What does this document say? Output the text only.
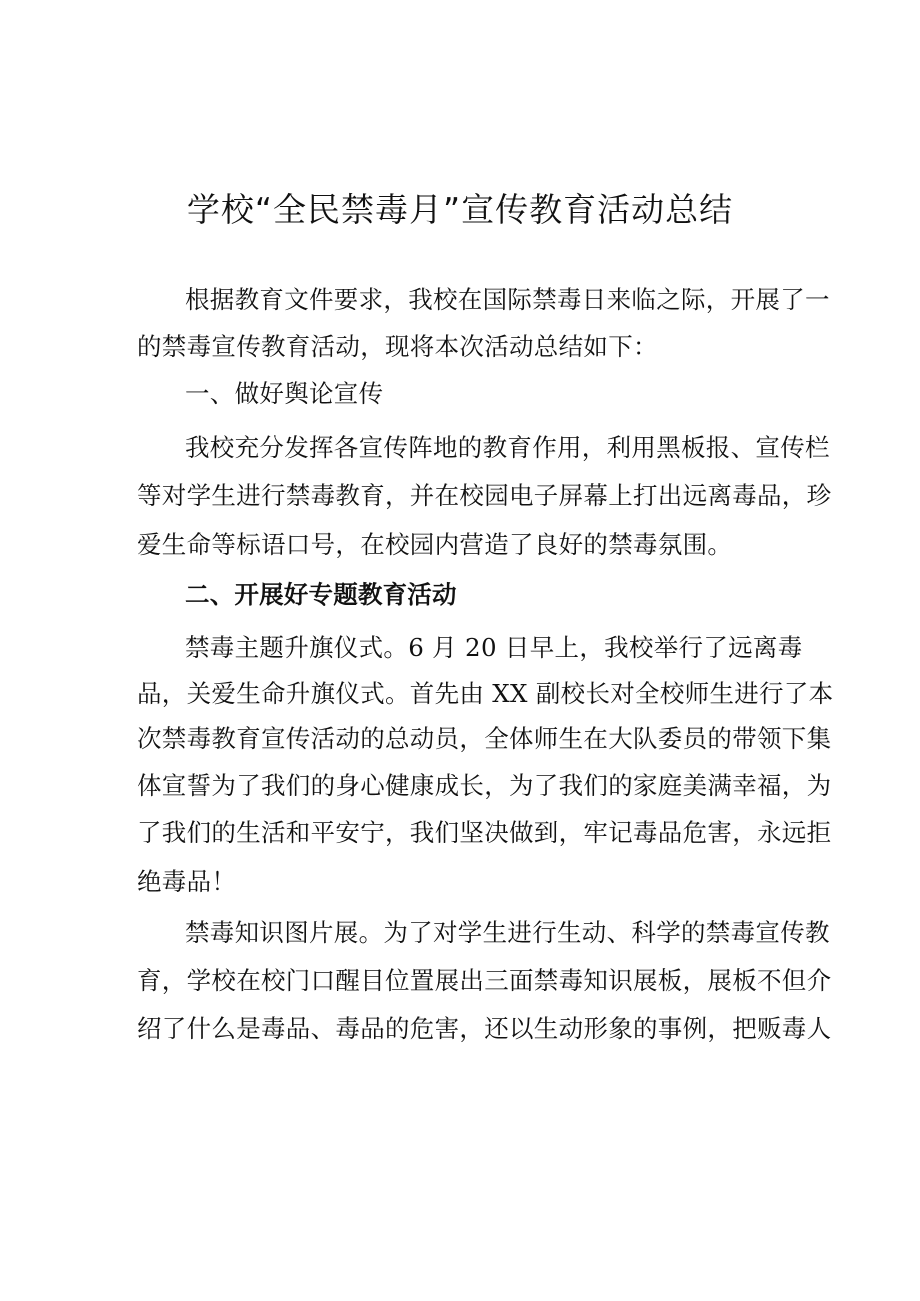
学校“全民禁毒月”宣传教育活动总结
根据教育文件要求，我校在国际禁毒日来临之际，开展了一
的禁毒宣传教育活动，现将本次活动总结如下：
一、做好舆论宣传
我校充分发挥各宣传阵地的教育作用，利用黑板报、宣传栏
等对学生进行禁毒教育，并在校园电子屏幕上打出远离毒品，珍
爱生命等标语口号，在校园内营造了良好的禁毒氛围。
二、开展好专题教育活动
禁毒主题升旗仪式。6 月 20 日早上，我校举行了远离毒
品，关爱生命升旗仪式。首先由 XX 副校长对全校师生进行了本
次禁毒教育宣传活动的总动员，全体师生在大队委员的带领下集
体宣誓为了我们的身心健康成长，为了我们的家庭美满幸福，为
了我们的生活和平安宁，我们坚决做到，牢记毒品危害，永远拒
绝毒品！
禁毒知识图片展。为了对学生进行生动、科学的禁毒宣传教
育，学校在校门口醒目位置展出三面禁毒知识展板，展板不但介
绍了什么是毒品、毒品的危害，还以生动形象的事例，把贩毒人
